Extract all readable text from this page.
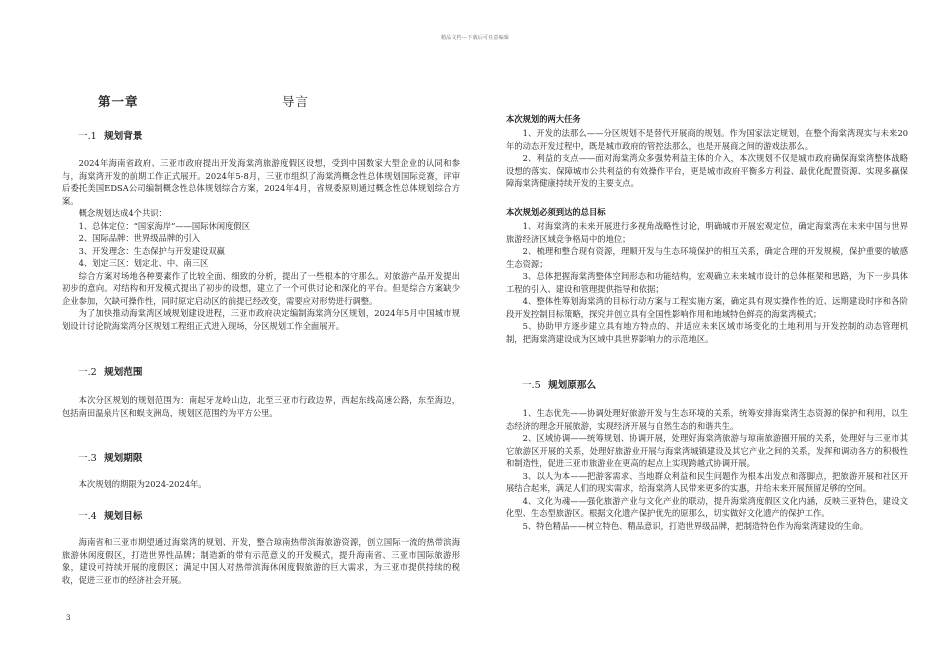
精品文档---下载后可任意编辑
第一章	导言
一.1 规划背景

2024年海南省政府、三亚市政府提出开发海棠湾旅游度假区设想，受到中国数家大型企业的认同和参与，海棠湾开发的前期工作正式展开。2024年5-8月，三亚市组织了海棠湾概念性总体规划国际竞赛，评审后委托美国EDSA公司编制概念性总体规划综合方案，2024年4月，省规委原则通过概念性总体规划综合方案。

概念规划达成4个共识：

1、总体定位：“国家海岸”——国际休闲度假区

2、国际品牌：世界级品牌的引入

3、开发理念：生态保护与开发建设双赢

4、划定三区：划定北、中、南三区

综合方案对场地各种要素作了比较全面、细致的分析，提出了一些根本的守那么。对旅游产品开发提出初步的意向。对结构和开发模式提出了初步的设想，建立了一个可供讨论和深化的平台。但是综合方案缺少企业参加，欠缺可操作性，同时原定启动区的前提已经改变，需要应对形势进行调整。

为了加快推动海棠湾区域规划建设进程，三亚市政府决定编制海棠湾分区规划，2024年5月中国城市规划设计讨论院海棠湾分区规划工程组正式进入现场，分区规划工作全面展开。

一.2 规划范围

本次分区规划的规划范围为：南起牙龙岭山边，北至三亚市行政边界，西起东线高速公路，东至海边，包括南田温泉片区和蜈支洲岛，规划区范围约为平方公里。

一.3 规划期限

本次规划的期限为2024-2024年。

一.4 规划目标

海南省和三亚市期望通过海棠湾的规划、开发，整合琼南热带滨海旅游资源，创立国际一流的热带滨海旅游休闲度假区，打造世界性品牌；制造新的带有示范意义的开发模式，提升海南省、三亚市国际旅游形象，建设可持续开展的度假区；满足中国人对热带滨海休闲度假旅游的巨大需求，为三亚市提供持续的税收，促进三亚市的经济社会开展。

本次规划的两大任务

1、开发的法那么——分区规划不是替代开展商的规划。作为国家法定规划，在整个海棠湾现实与未来20年的动态开发过程中，既是城市政府的管控法那么，也是开展商之间的游戏法那么。

2、利益的支点——面对海棠湾众多强势利益主体的介入，本次规划不仅是城市政府确保海棠湾整体战略设想的落实、保障城市公共利益的有效操作平台，更是城市政府平衡多方利益、最优化配置资源、实现多赢保障海棠湾健康持续开发的主要支点。

本次规划必须到达的总目标

1、对海棠湾的未来开展进行多视角战略性讨论，明确城市开展宏观定位，确定海棠湾在未来中国与世界旅游经济区域竞争格局中的地位；

2、梳理和整合现有资源，理顺开发与生态环境保护的相互关系，确定合理的开发规模，保护重要的敏感生态资源；

3、总体把握海棠湾整体空间形态和功能结构，宏观确立未来城市设计的总体框架和思路，为下一步具体工程的引入、建设和管理提供指导和依据；

4、整体性筹划海棠湾的目标行动方案与工程实施方案，确定具有现实操作性的近、远期建设时序和各阶段开发控制目标策略，探究并创立具有全国性影响作用和地域特色鲜亮的海棠湾模式；

5、协助甲方逐步建立具有地方特点的、并适应未来区域市场变化的土地利用与开发控制的动态管理机制，把海棠湾建设成为区域中具世界影响力的示范地区。

一.5 规划原那么

1、生态优先——协调处理好旅游开发与生态环境的关系，统筹安排海棠湾生态资源的保护和利用，以生态经济的理念开展旅游，实现经济开展与自然生态的和谐共生。

2、区域协调——统筹规划、协调开展，处理好海棠湾旅游与琼南旅游圈开展的关系，处理好与三亚市其它旅游区开展的关系，处理好旅游业开展与海棠湾城镇建设及其它产业之间的关系，发挥和调动各方的积极性和制造性，促进三亚市旅游业在更高的起点上实现跨越式协调开展。

3、以人为本——把游客需求、当地群众利益和民生问题作为根本出发点和落脚点，把旅游开展和社区开展结合起来，满足人们的现实需求，给海棠湾人民带来更多的实惠，并给未来开展预留足够的空间。

4、文化为魂——强化旅游产业与文化产业的联动，提升海棠湾度假区文化内涵，反映三亚特色，建设文化型、生态型旅游区。根据文化遗产保护优先的原那么，切实做好文化遗产的保护工作。

5、特色精品——树立特色、精品意识，打造世界级品牌，把制造特色作为海棠湾建设的生命。

3
